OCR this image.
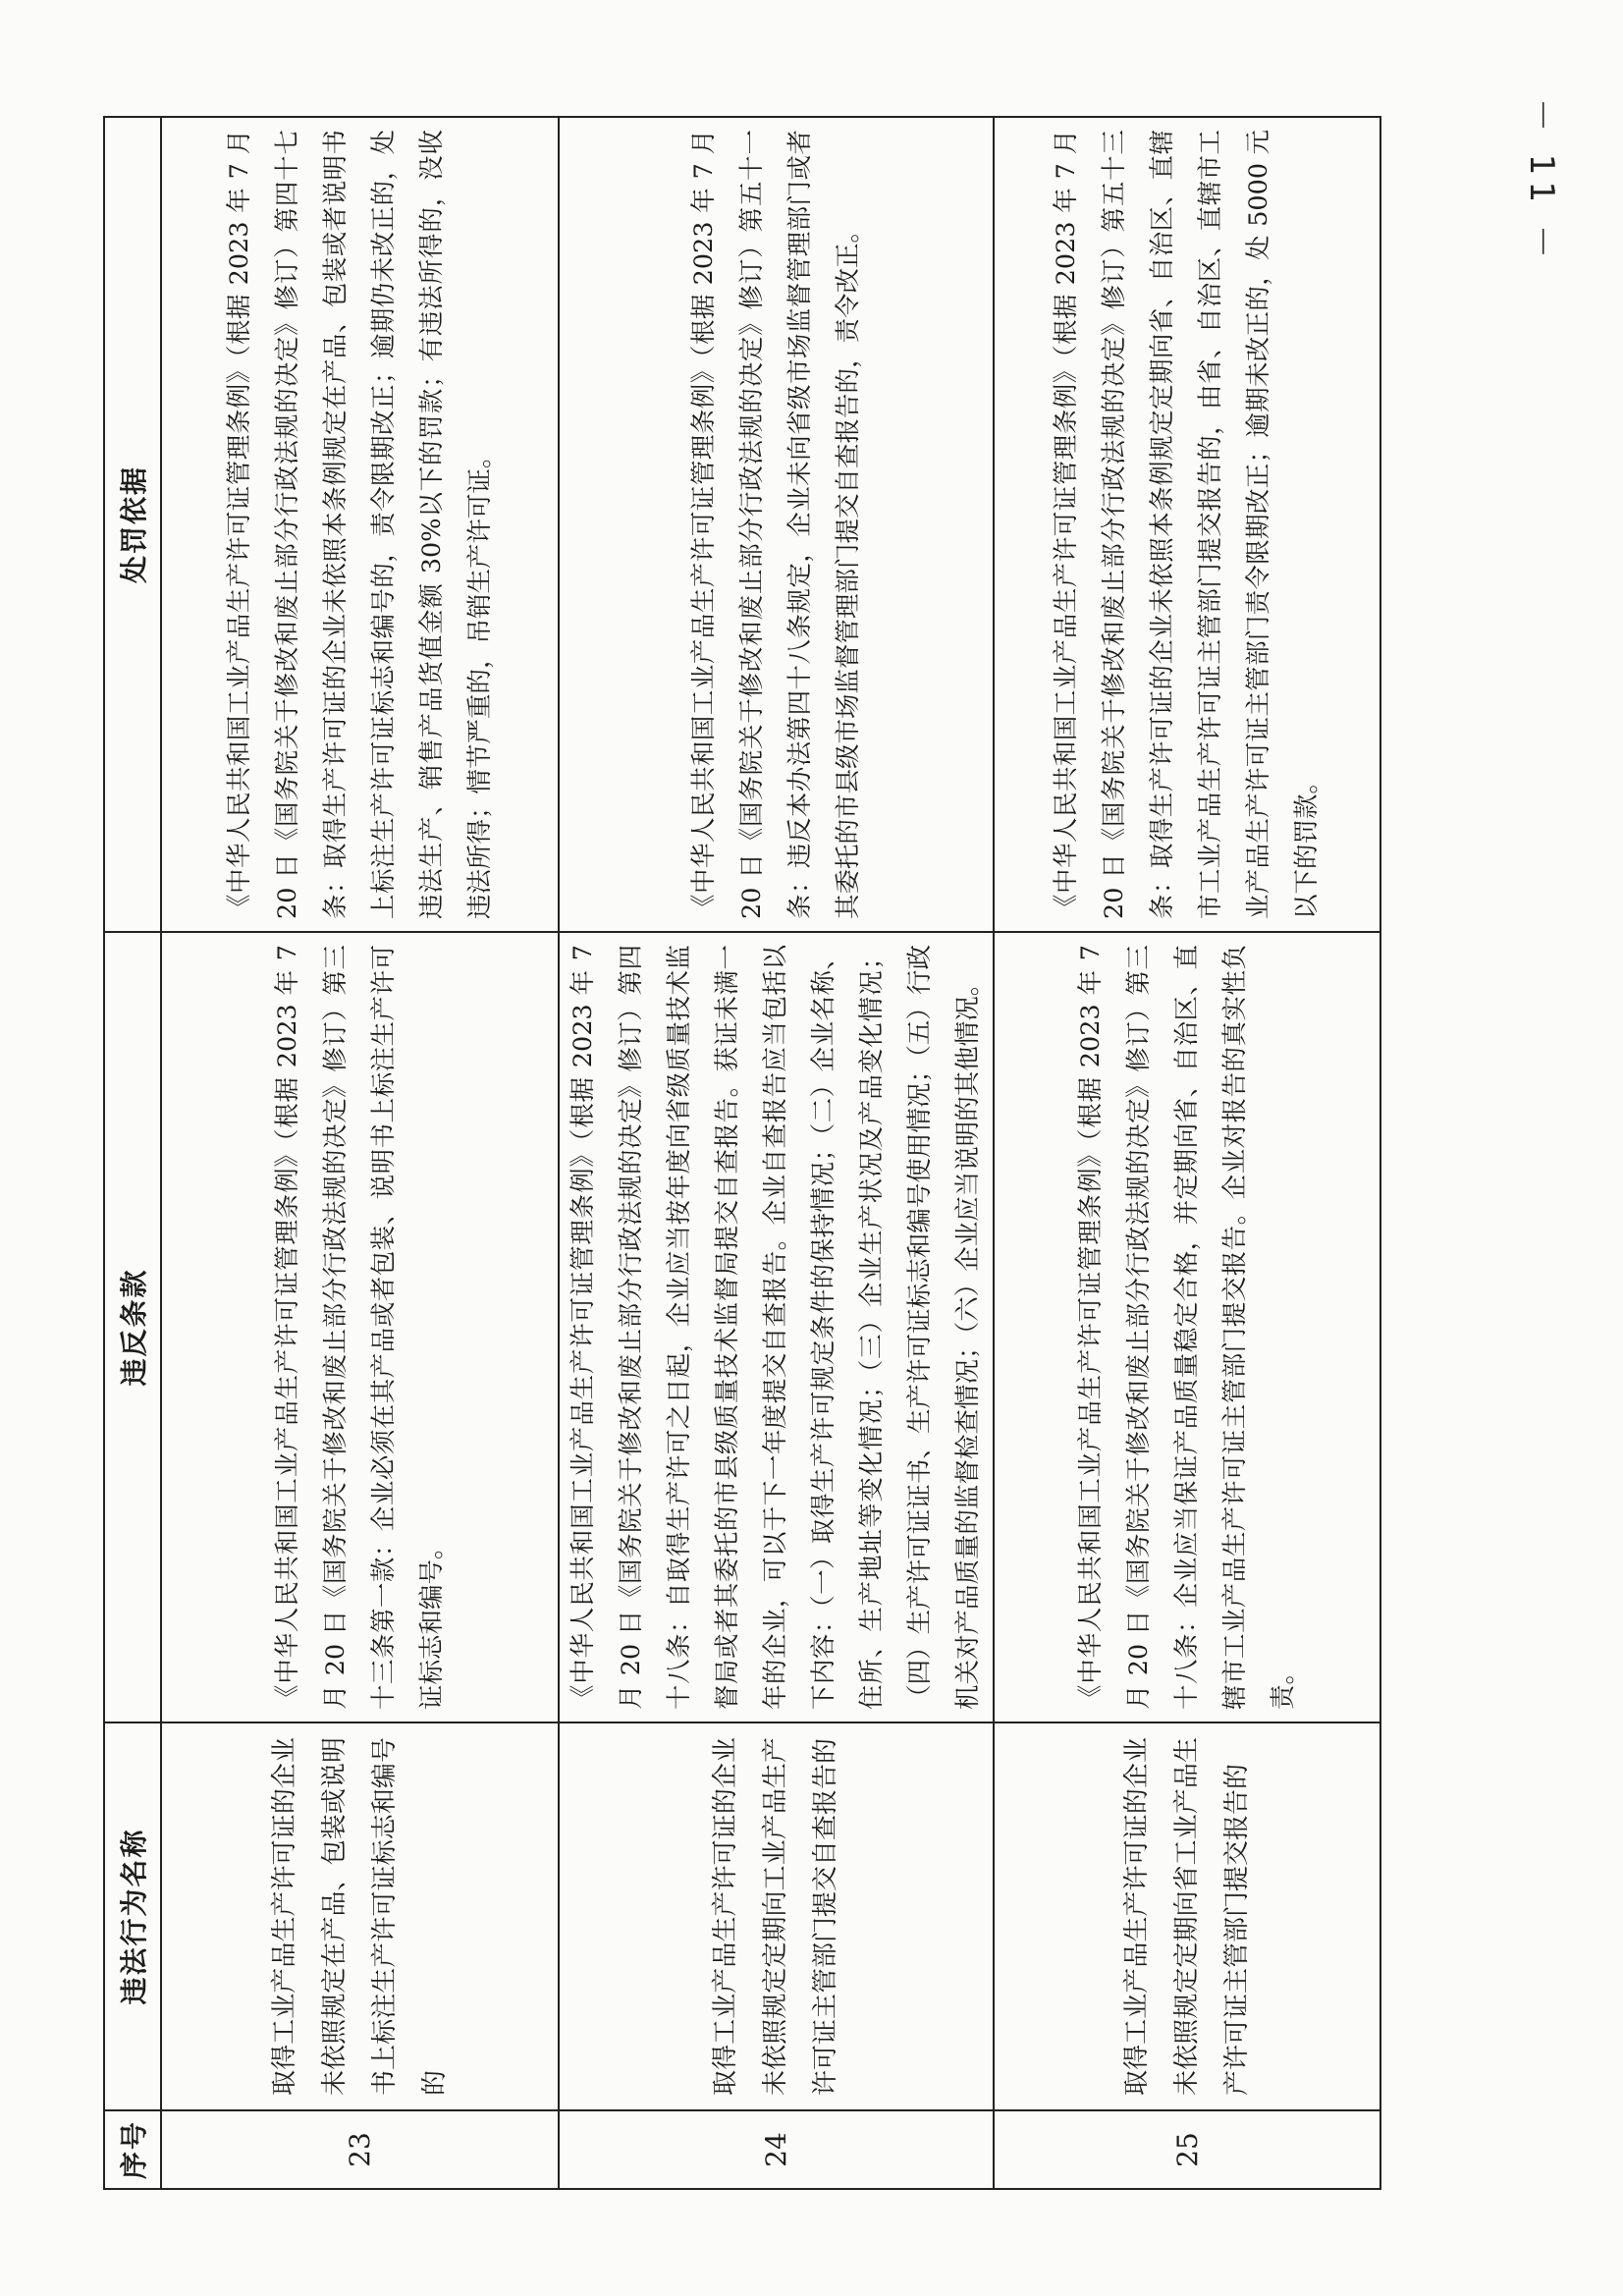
序号	违法行为名称	违反条款	处罚依据
23	取得工业产品生产许可证的企业未依照规定在产品、包装或说明书上标注生产许可证标志和编号的	《中华人民共和国工业产品生产许可证管理条例》（根据 2023 年 7 月 20 日《国务院关于修改和废止部分行政法规的决定》修订）第三十三条第一款：企业必须在其产品或者包装、说明书上标注生产许可证标志和编号。	《中华人民共和国工业产品生产许可证管理条例》（根据 2023 年 7 月 20 日《国务院关于修改和废止部分行政法规的决定》修订）第四十七条：取得生产许可证的企业未依照本条例规定在产品、包装或者说明书上标注生产许可证标志和编号的，责令限期改正；逾期仍未改正的，处违法生产、销售产品货值金额 30%以下的罚款；有违法所得的，没收违法所得；情节严重的，吊销生产许可证。
24	取得工业产品生产许可证的企业未依照规定定期向工业产品生产许可证主管部门提交自查报告的	《中华人民共和国工业产品生产许可证管理条例》（根据 2023 年 7 月 20 日《国务院关于修改和废止部分行政法规的决定》修订）第四十八条：自取得生产许可之日起，企业应当按年度向省级质量技术监督局或者其委托的市县级质量技术监督局提交自查报告。获证未满一年的企业，可以于下一年度提交自查报告。企业自查报告应当包括以下内容：（一）取得生产许可规定条件的保持情况；（二）企业名称、住所、生产地址等变化情况；（三）企业生产状况及产品变化情况；（四）生产许可证证书、生产许可证标志和编号使用情况；（五）行政机关对产品质量的监督检查情况；（六）企业应当说明的其他情况。	《中华人民共和国工业产品生产许可证管理条例》（根据 2023 年 7 月 20 日《国务院关于修改和废止部分行政法规的决定》修订）第五十一条：违反本办法第四十八条规定，企业未向省级市场监督管理部门或者其委托的市县级市场监督管理部门提交自查报告的，责令改正。
25	取得工业产品生产许可证的企业未依照规定定期向省工业产品生产许可证主管部门提交报告的	《中华人民共和国工业产品生产许可证管理条例》（根据 2023 年 7 月 20 日《国务院关于修改和废止部分行政法规的决定》修订）第三十八条：企业应当保证产品质量稳定合格，并定期向省、自治区、直辖市工业产品生产许可证主管部门提交报告。企业对报告的真实性负责。	《中华人民共和国工业产品生产许可证管理条例》（根据 2023 年 7 月 20 日《国务院关于修改和废止部分行政法规的决定》修订）第五十三条：取得生产许可证的企业未依照本条例规定定期向省、自治区、直辖市工业产品生产许可证主管部门提交报告的，由省、自治区、直辖市工业产品生产许可证主管部门责令限期改正；逾期未改正的，处 5000 元以下的罚款。
－ 11 －
